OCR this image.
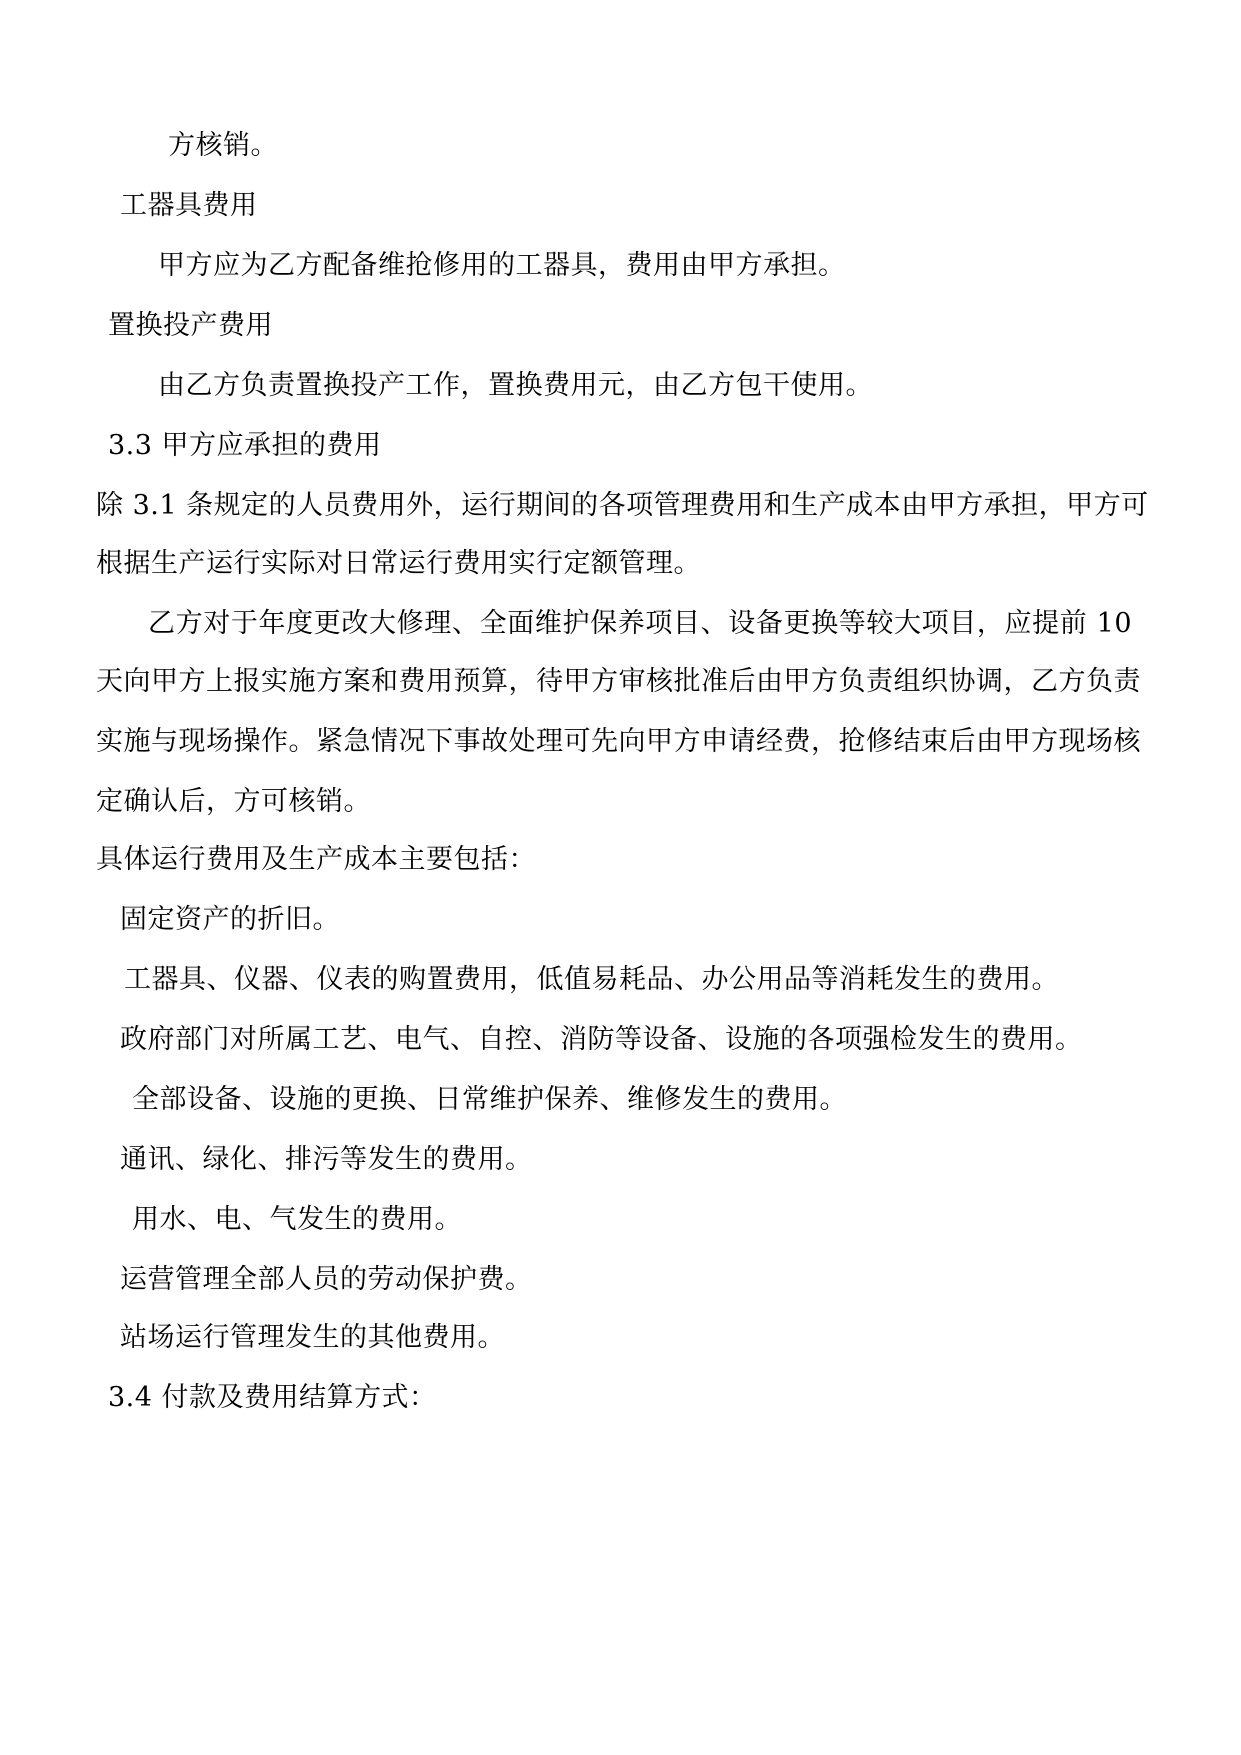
方核销。
工器具费用
甲方应为乙方配备维抢修用的工器具，费用由甲方承担。
置换投产费用
由乙方负责置换投产工作，置换费用元，由乙方包干使用。
3.3 甲方应承担的费用
除 3.1 条规定的人员费用外，运行期间的各项管理费用和生产成本由甲方承担，甲方可
根据生产运行实际对日常运行费用实行定额管理。
乙方对于年度更改大修理、全面维护保养项目、设备更换等较大项目，应提前 10
天向甲方上报实施方案和费用预算，待甲方审核批准后由甲方负责组织协调，乙方负责
实施与现场操作。紧急情况下事故处理可先向甲方申请经费，抢修结束后由甲方现场核
定确认后，方可核销。
具体运行费用及生产成本主要包括：
固定资产的折旧。
工器具、仪器、仪表的购置费用，低值易耗品、办公用品等消耗发生的费用。
政府部门对所属工艺、电气、自控、消防等设备、设施的各项强检发生的费用。
全部设备、设施的更换、日常维护保养、维修发生的费用。
通讯、绿化、排污等发生的费用。
用水、电、气发生的费用。
运营管理全部人员的劳动保护费。
站场运行管理发生的其他费用。
3.4 付款及费用结算方式：
